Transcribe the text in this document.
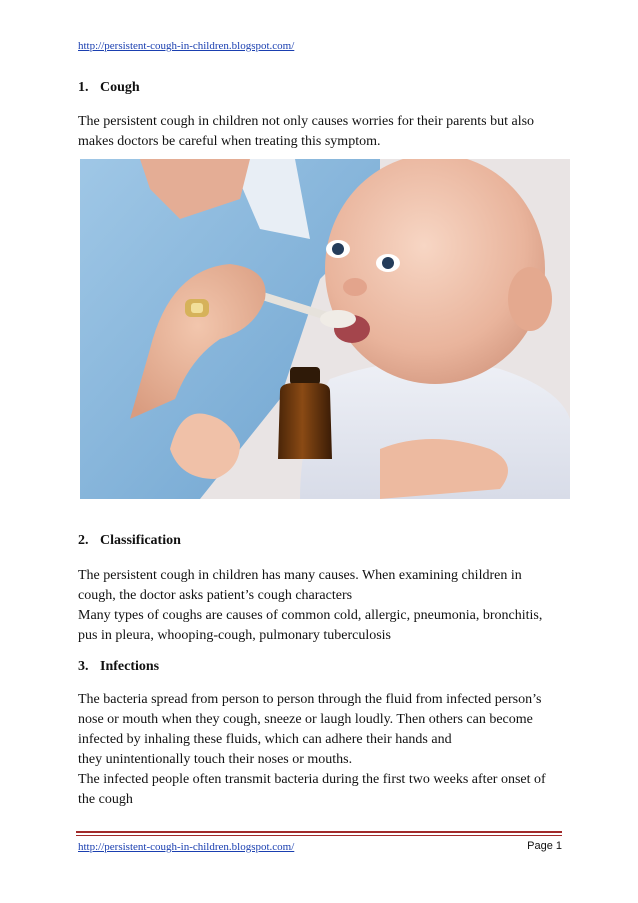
http://persistent-cough-in-children.blogspot.com/
1. Cough
The persistent cough in children not only causes worries for their parents but also
makes doctors be careful when treating this symptom.
2. Classification
The persistent cough in children has many causes. When examining children in
cough, the doctor asks patient’s cough characters
Many types of coughs are causes of common cold, allergic, pneumonia, bronchitis,
pus in pleura, whooping-cough, pulmonary tuberculosis
3. Infections
The bacteria spread from person to person through the fluid from infected person’s
nose or mouth when they cough, sneeze or laugh loudly. Then others can become
infected by inhaling these fluids, which can adhere their hands and
they unintentionally touch their noses or mouths.
The infected people often transmit bacteria during the first two weeks after onset of
the cough
http://persistent-cough-in-children.blogspot.com/	Page 1
